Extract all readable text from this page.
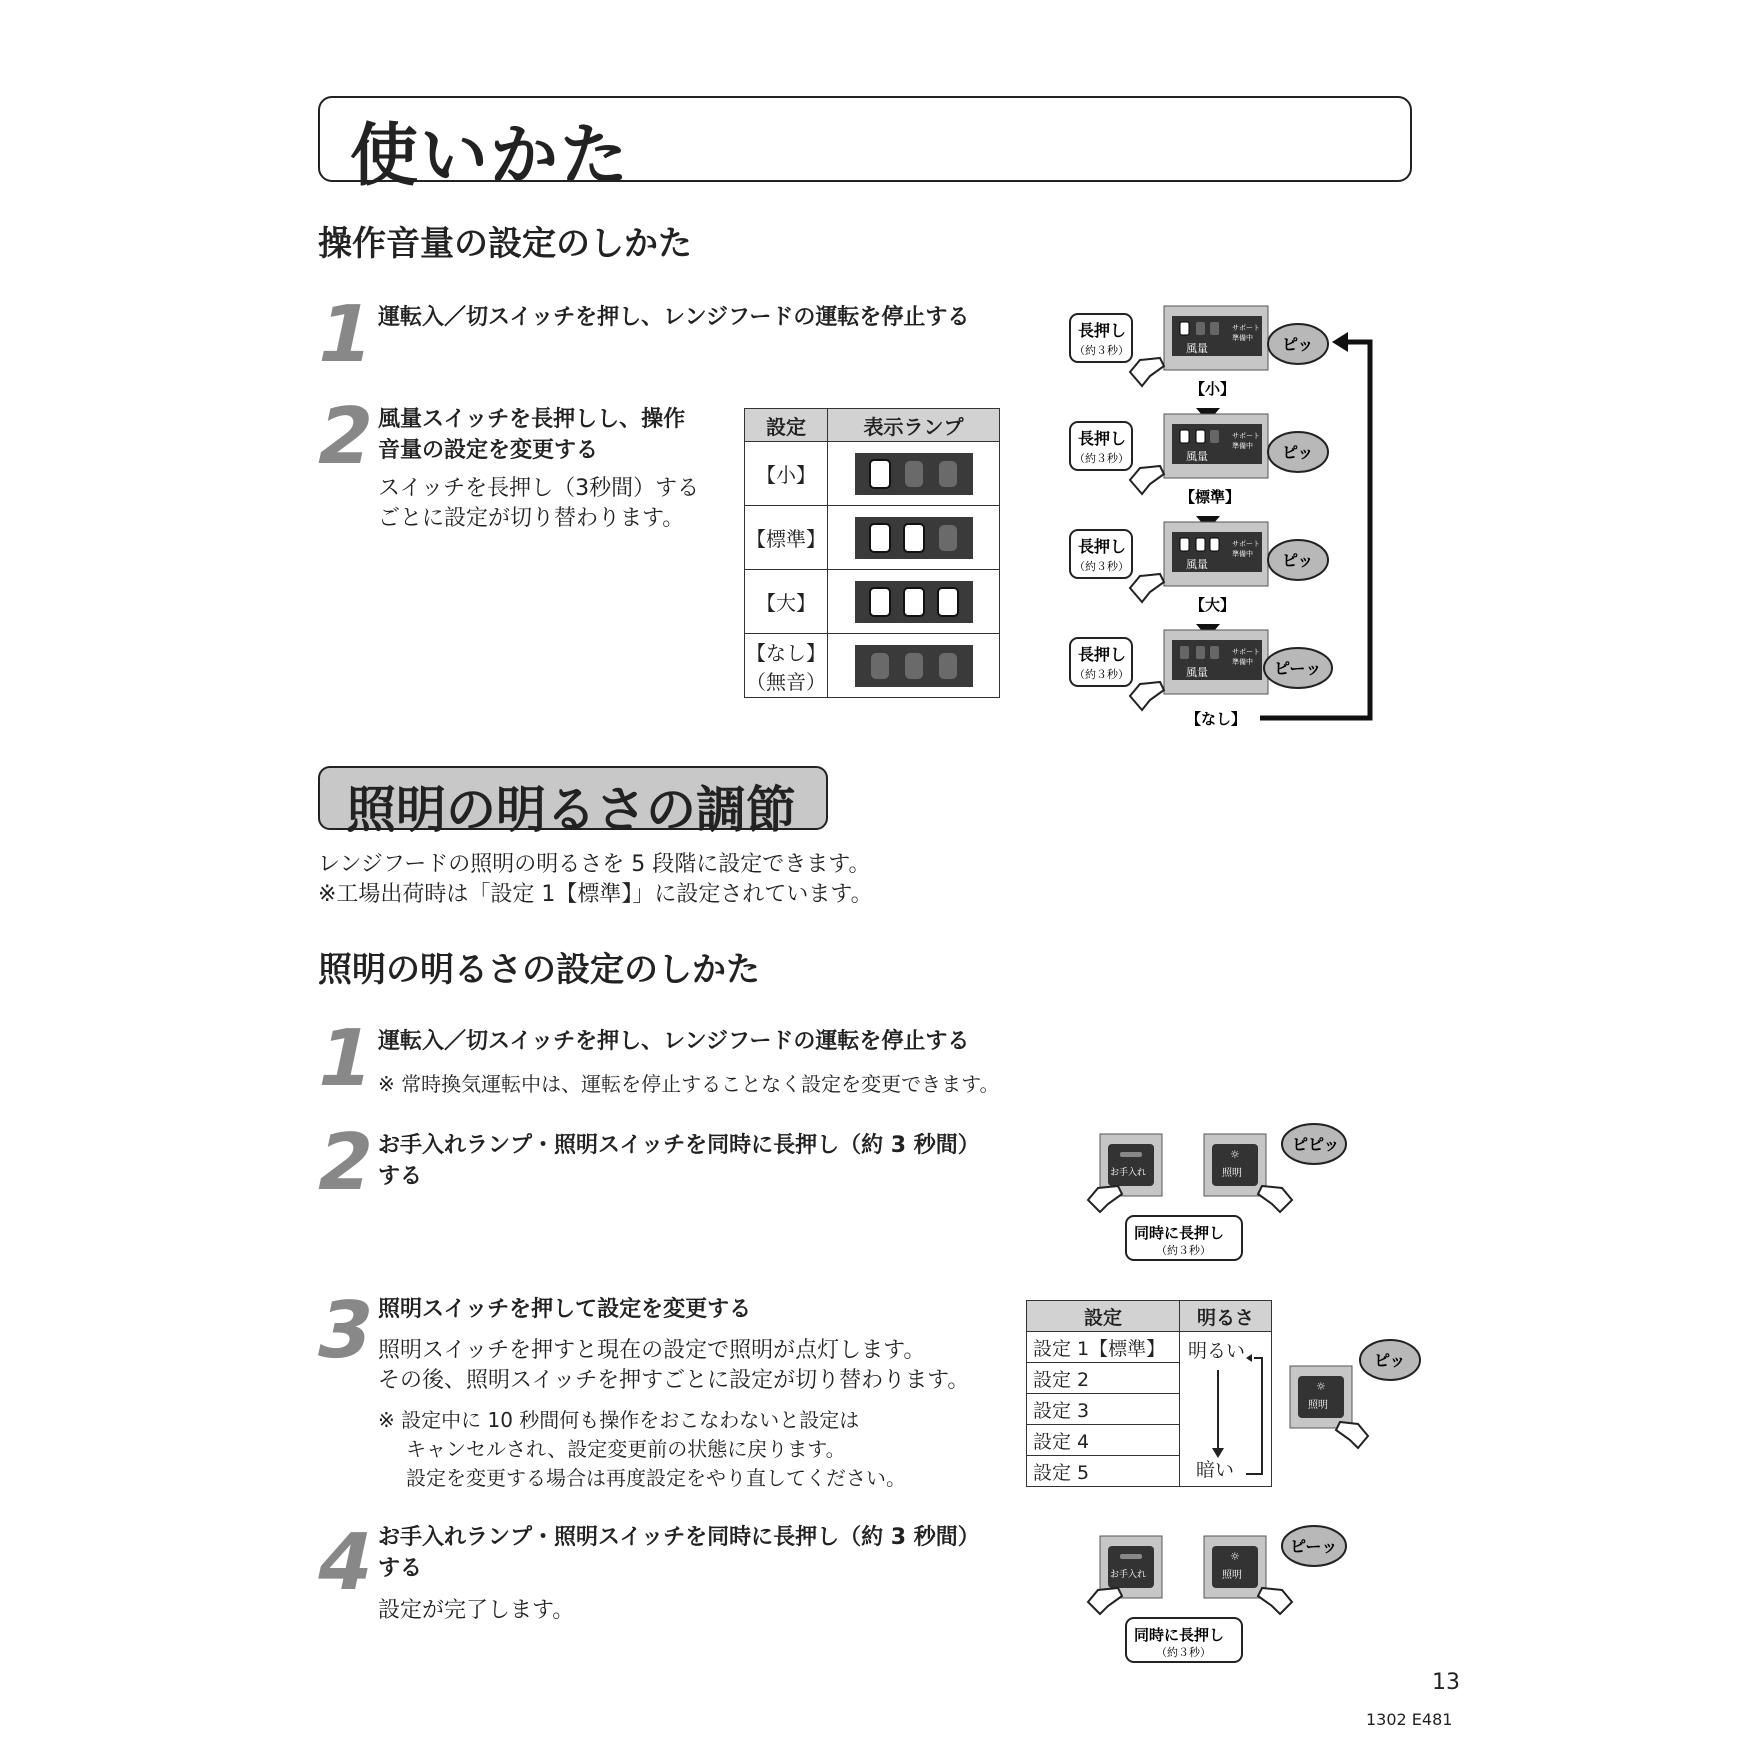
使いかた
操作音量の設定のしかた
1
運転入／切スイッチを押し、レンジフードの運転を停止する
2
風量スイッチを長押しし、操作
音量の設定を変更する
スイッチを長押し（3秒間）する
ごとに設定が切り替わります。
設定	表示ランプ
【小】	

【標準】	

【大】	

【なし】
（無音）	

長押し
（約３秒）	風量
サポート
準備中 ピッ
【小】
長押し
（約３秒）	風量
サポート
準備中 ピッ
【標準】
長押し
（約３秒）	風量
サポート
準備中 ピッ
【大】
長押し
（約３秒）	風量
サポート
準備中 ピーッ
【なし】
照明の明るさの調節
レンジフードの照明の明るさを 5 段階に設定できます。
※工場出荷時は「設定 1【標準】」に設定されています。
照明の明るさの設定のしかた
1
運転入／切スイッチを押し、レンジフードの運転を停止する
※ 常時換気運転中は、運転を停止することなく設定を変更できます。
2
お手入れランプ・照明スイッチを同時に長押し（約 3 秒間）
する	お手入れ
☼
照明
ピピッ
同時に長押し
（約３秒）
3
照明スイッチを押して設定を変更する
照明スイッチを押すと現在の設定で照明が点灯します。
その後、照明スイッチを押すごとに設定が切り替わります。
※ 設定中に 10 秒間何も操作をおこなわないと設定は
キャンセルされ、設定変更前の状態に戻ります。
設定を変更する場合は再度設定をやり直してください。
設定	明るさ
設定 1【標準】	明るい
暗い

設定 2	
設定 3	
設定 4	
設定 5	
☼
照明
ピッ
4
お手入れランプ・照明スイッチを同時に長押し（約 3 秒間）
する
設定が完了します。
お手入れ
☼
照明
ピーッ
同時に長押し
（約３秒）
13
1302 E481
